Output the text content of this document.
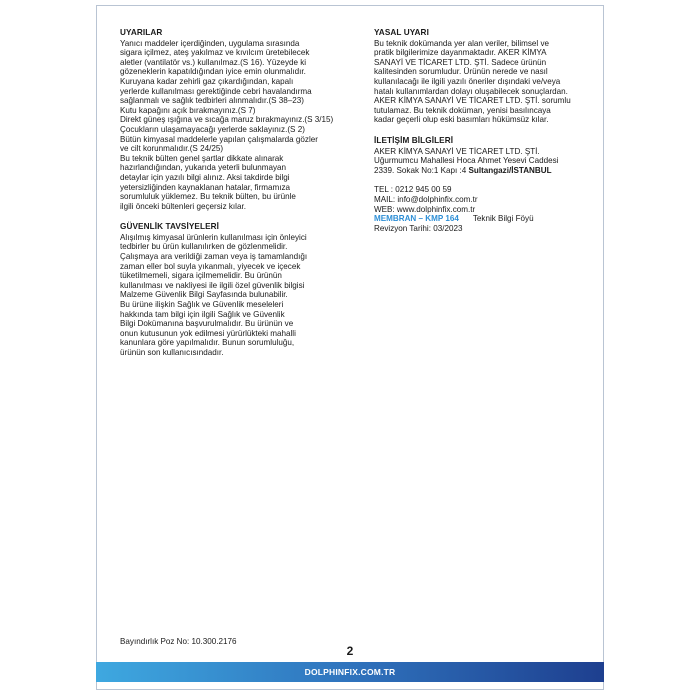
UYARILAR

Yanıcı maddeler içerdiğinden, uygulama sırasında
sigara içilmez, ateş yakılmaz ve kıvılcım üretebilecek
aletler (vantilatör vs.) kullanılmaz.(S 16). Yüzeyde ki
gözeneklerin kapatıldığından iyice emin olunmalıdır.
Kuruyana kadar zehirli gaz çıkardığından, kapalı
yerlerde kullanılması gerektiğinde cebri havalandırma
sağlanmalı ve sağlık tedbirleri alınmalıdır.(S 38–23)
Kutu kapağını açık bırakmayınız.(S 7)
Direkt güneş ışığına ve sıcağa maruz bırakmayınız.(S 3/15)
Çocukların ulaşamayacağı yerlerde saklayınız.(S 2)
Bütün kimyasal maddelerle yapılan çalışmalarda gözler
ve cilt korunmalıdır.(S 24/25)
Bu teknik bülten genel şartlar dikkate alınarak
hazırlandığından, yukarıda yeterli bulunmayan
detaylar için yazılı bilgi alınız. Aksi takdirde bilgi
yetersizliğinden kaynaklanan hatalar, firmamıza
sorumluluk yüklemez. Bu teknik bülten, bu ürünle
ilgili önceki bültenleri geçersiz kılar.

GÜVENLİK TAVSİYELERİ

Alışılmış kimyasal ürünlerin kullanılması için önleyici
tedbirler bu ürün kullanılırken de gözlenmelidir.
Çalışmaya ara verildiği zaman veya iş tamamlandığı
zaman eller bol suyla yıkanmalı, yiyecek ve içecek
tüketilmemeli, sigara içilmemelidir. Bu ürünün
kullanılması ve nakliyesi ile ilgili özel güvenlik bilgisi
Malzeme Güvenlik Bilgi Sayfasında bulunabilir.
Bu ürüne ilişkin Sağlık ve Güvenlik meseleleri
hakkında tam bilgi için ilgili Sağlık ve Güvenlik
Bilgi Dokümanına başvurulmalıdır. Bu ürünün ve
onun kutusunun yok edilmesi yürürlükteki mahalli
kanunlara göre yapılmalıdır. Bunun sorumluluğu,
ürünün son kullanıcısındadır.

YASAL UYARI

Bu teknik dokümanda yer alan veriler, bilimsel ve
pratik bilgilerimize dayanmaktadır. AKER KİMYA
SANAYİ VE TİCARET LTD. ŞTİ. Sadece ürünün
kalitesinden sorumludur. Ürünün nerede ve nasıl
kullanılacağı ile ilgili yazılı öneriler dışındaki ve/veya
hatalı kullanımlardan dolayı oluşabilecek sonuçlardan.
AKER KİMYA SANAYİ VE TİCARET LTD. ŞTİ. sorumlu
tutulamaz. Bu teknik doküman, yenisi basılıncaya
kadar geçerli olup eski basımları hükümsüz kılar.

İLETİŞİM BİLGİLERİ

AKER KİMYA SANAYİ VE TİCARET LTD. ŞTİ.

Uğurmumcu Mahallesi Hoca Ahmet Yesevi Caddesi

2339. Sokak No:1 Kapı :4 Sultangazi/İSTANBUL

TEL : 0212 945 00 59

MAIL: info@dolphinfix.com.tr

WEB: www.dolphinfix.com.tr

MEMBRAN – KMP 164 Teknik Bilgi Föyü

Revizyon Tarihi: 03/2023

Bayındırlık Poz No: 10.300.2176
2
DOLPHINFIX.COM.TR
